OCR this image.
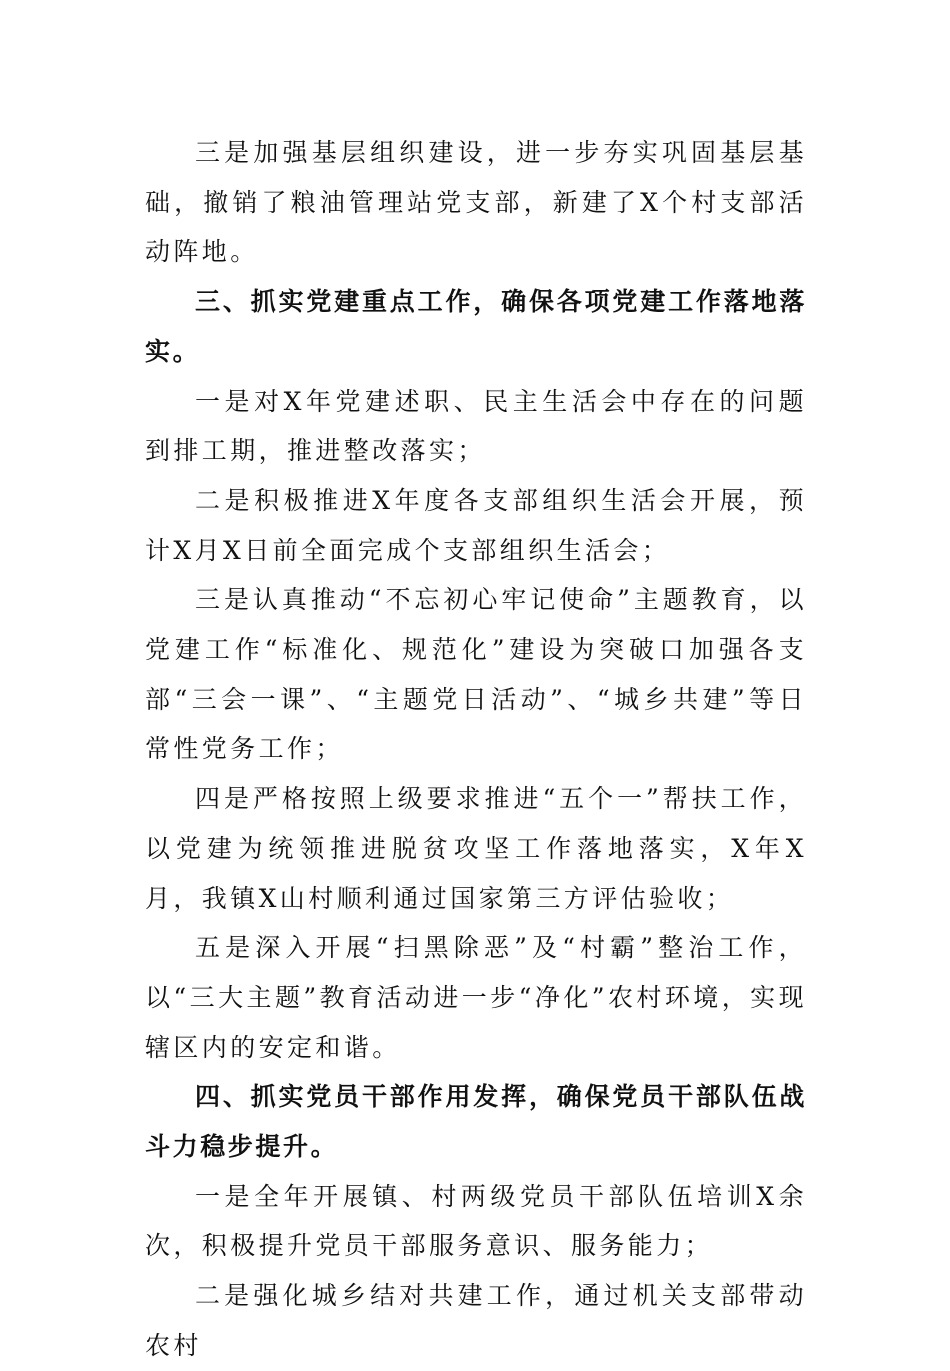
三是加强基层组织建设，进一步夯实巩固基层基础，撤销了粮油管理站党支部，新建了X个村支部活动阵地。

三、抓实党建重点工作，确保各项党建工作落地落实。

一是对X年党建述职、民主生活会中存在的问题到排工期，推进整改落实；

二是积极推进X年度各支部组织生活会开展，预计X月X日前全面完成个支部组织生活会；

三是认真推动“不忘初心牢记使命”主题教育，以党建工作“标准化、规范化”建设为突破口加强各支部“三会一课”、“主题党日活动”、“城乡共建”等日常性党务工作；

四是严格按照上级要求推进“五个一”帮扶工作，以党建为统领推进脱贫攻坚工作落地落实，X年X月，我镇X山村顺利通过国家第三方评估验收；

五是深入开展“扫黑除恶”及“村霸”整治工作，以“三大主题”教育活动进一步“净化”农村环境，实现辖区内的安定和谐。

四、抓实党员干部作用发挥，确保党员干部队伍战斗力稳步提升。

一是全年开展镇、村两级党员干部队伍培训X余次，积极提升党员干部服务意识、服务能力；

二是强化城乡结对共建工作，通过机关支部带动农村
